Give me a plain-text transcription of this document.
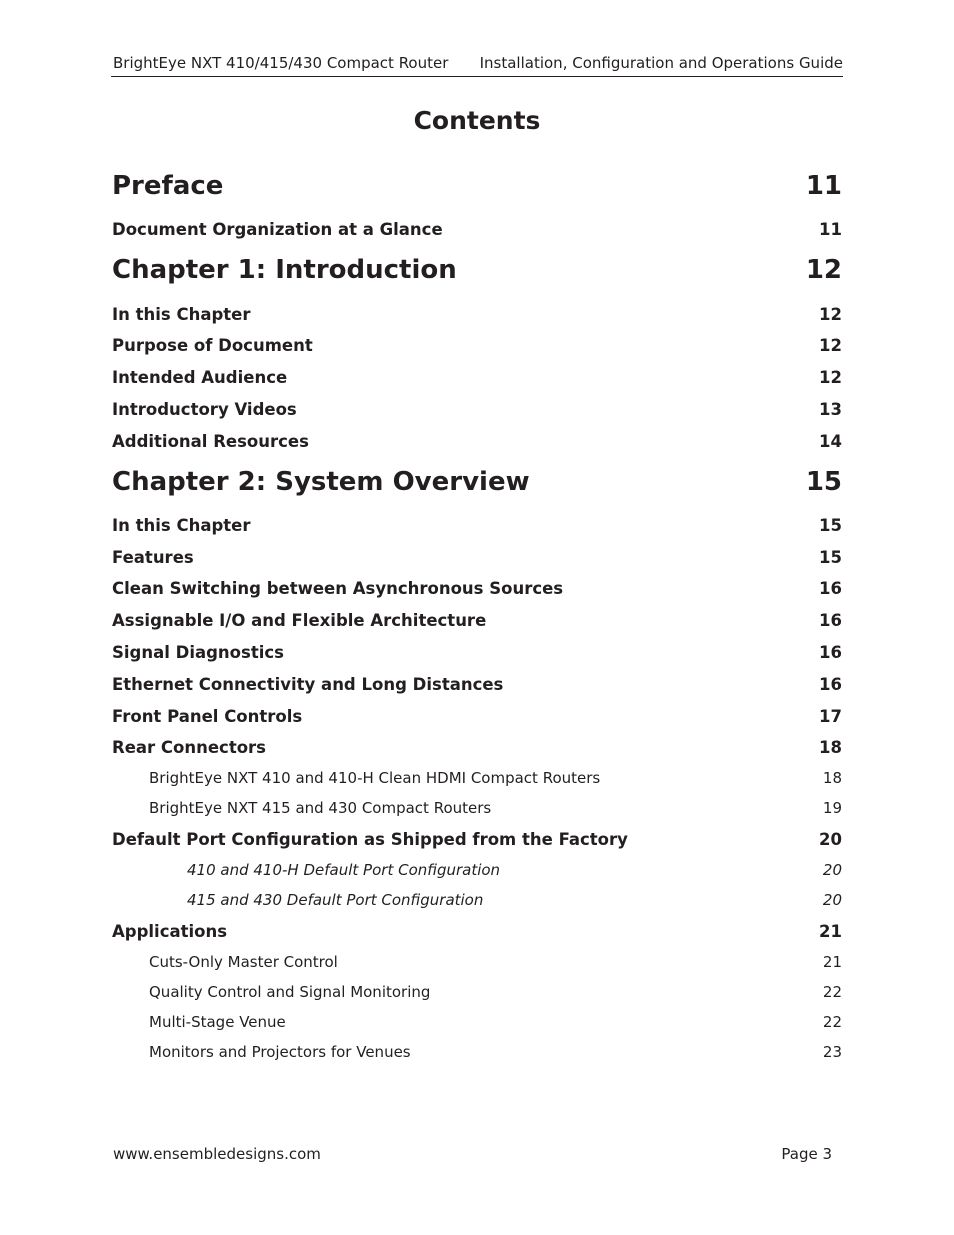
BrightEye NXT 410/415/430 Compact Router Installation, Configuration and Operations Guide
Contents
Preface	11
Document Organization at a Glance	11
Chapter 1: Introduction	12
In this Chapter	12
Purpose of Document	12
Intended Audience	12
Introductory Videos	13
Additional Resources	14
Chapter 2: System Overview	15
In this Chapter	15
Features	15
Clean Switching between Asynchronous Sources	16
Assignable I/O and Flexible Architecture	16
Signal Diagnostics	16
Ethernet Connectivity and Long Distances	16
Front Panel Controls	17
Rear Connectors	18
BrightEye NXT 410 and 410-H Clean HDMI Compact Routers	18
BrightEye NXT 415 and 430 Compact Routers	19
Default Port Configuration as Shipped from the Factory	20
410 and 410-H Default Port Configuration	20
415 and 430 Default Port Configuration	20
Applications	21
Cuts-Only Master Control	21
Quality Control and Signal Monitoring	22
Multi-Stage Venue	22
Monitors and Projectors for Venues	23
www.ensembledesigns.com	Page 3
